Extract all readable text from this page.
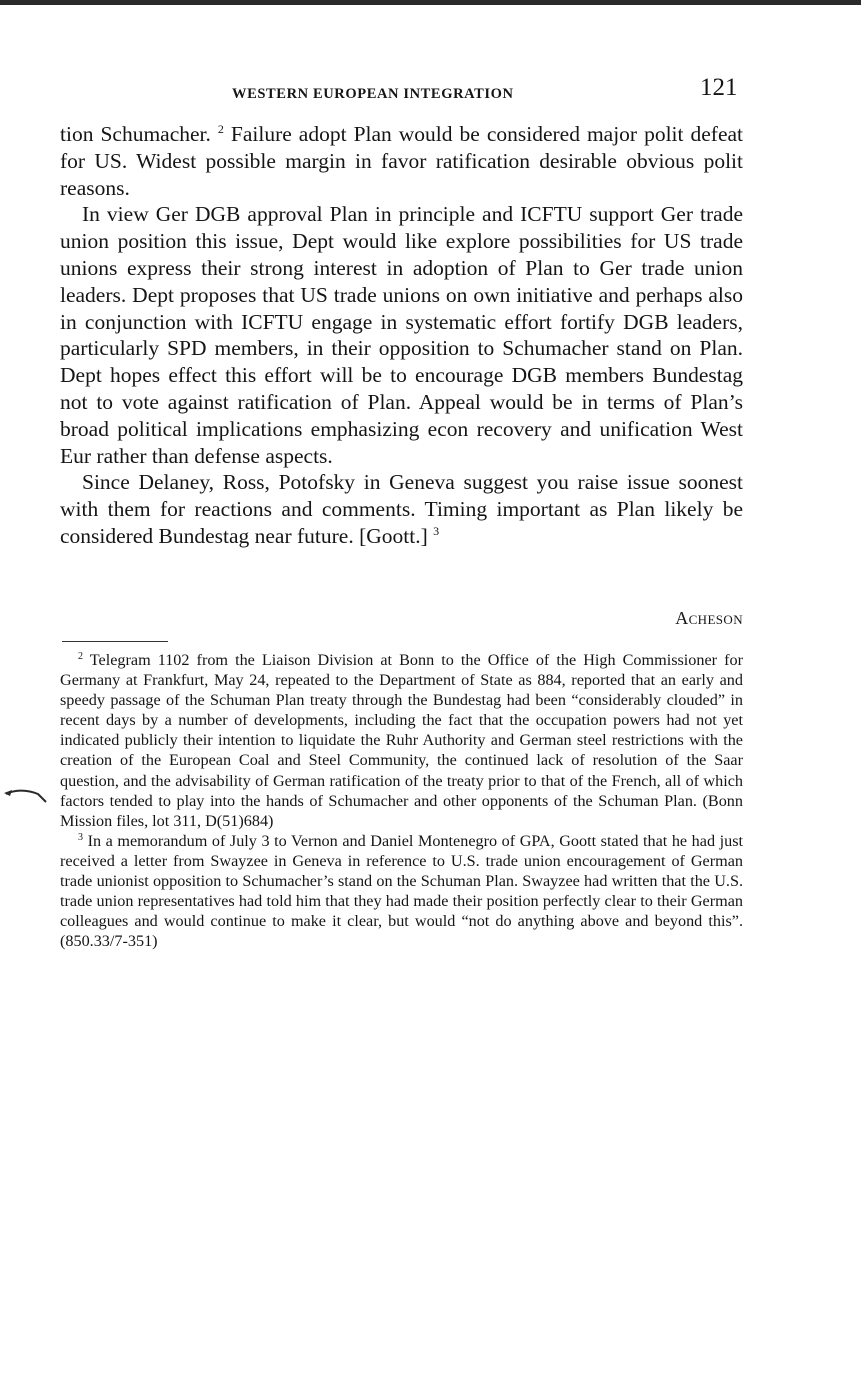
WESTERN EUROPEAN INTEGRATION	121

tion Schumacher. $^2$ Failure adopt Plan would be considered major polit defeat for US. Widest possible margin in favor ratification desirable obvious polit reasons.

In view Ger DGB approval Plan in principle and ICFTU support Ger trade union position this issue, Dept would like explore possibilities for US trade unions express their strong interest in adoption of Plan to Ger trade union leaders. Dept proposes that US trade unions on own initiative and perhaps also in conjunction with ICFTU engage in systematic effort fortify DGB leaders, particularly SPD members, in their opposition to Schumacher stand on Plan. Dept hopes effect this effort will be to encourage DGB members Bundestag not to vote against ratification of Plan. Appeal would be in terms of Plan’s broad political implications emphasizing econ recovery and unification West Eur rather than defense aspects.

Since Delaney, Ross, Potofsky in Geneva suggest you raise issue soonest with them for reactions and comments. Timing important as Plan likely be considered Bundestag near future. [Goott.] $^3$

Acheson

$^2$ Telegram 1102 from the Liaison Division at Bonn to the Office of the High Commissioner for Germany at Frankfurt, May 24, repeated to the Department of State as 884, reported that an early and speedy passage of the Schuman Plan treaty through the Bundestag had been “considerably clouded” in recent days by a number of developments, including the fact that the occupation powers had not yet indicated publicly their intention to liquidate the Ruhr Authority and German steel restrictions with the creation of the European Coal and Steel Community, the continued lack of resolution of the Saar question, and the advisability of German ratification of the treaty prior to that of the French, all of which factors tended to play into the hands of Schumacher and other opponents of the Schuman Plan. (Bonn Mission files, lot 311, D(51)684)

$^3$ In a memorandum of July 3 to Vernon and Daniel Montenegro of GPA, Goott stated that he had just received a letter from Swayzee in Geneva in reference to U.S. trade union encouragement of German trade unionist opposition to Schumacher’s stand on the Schuman Plan. Swayzee had written that the U.S. trade union representatives had told him that they had made their position perfectly clear to their German colleagues and would continue to make it clear, but would “not do anything above and beyond this”. (850.33/7-351)
